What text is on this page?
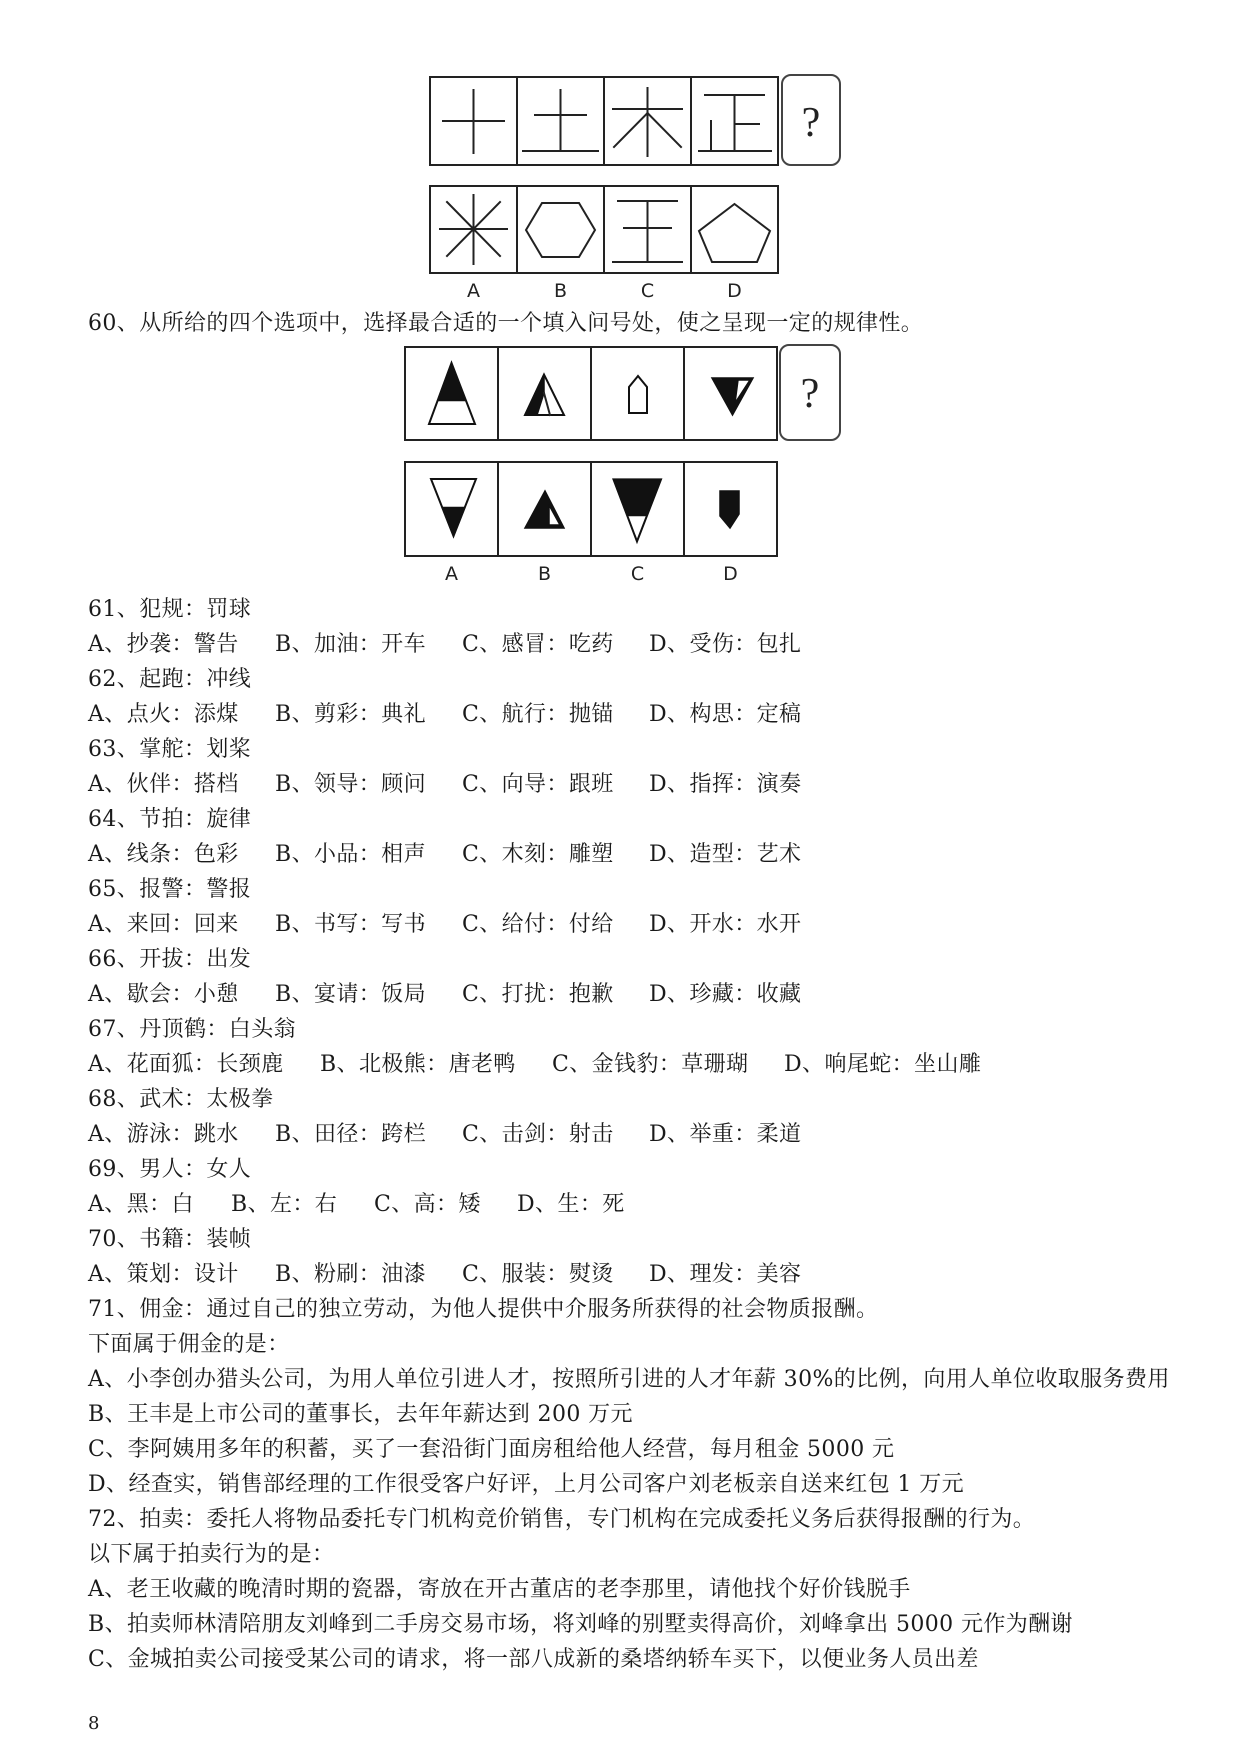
?
A	B	C	D
60、从所给的四个选项中，选择最合适的一个填入问号处，使之呈现一定的规律性。
?
A	B	C	D
61、犯规：罚球
A、抄袭：警告	B、加油：开车	C、感冒：吃药	D、受伤：包扎
62、起跑：冲线
A、点火：添煤	B、剪彩：典礼	C、航行：抛锚	D、构思：定稿
63、掌舵：划桨
A、伙伴：搭档	B、领导：顾问	C、向导：跟班	D、指挥：演奏
64、节拍：旋律
A、线条：色彩	B、小品：相声	C、木刻：雕塑	D、造型：艺术
65、报警：警报
A、来回：回来	B、书写：写书	C、给付：付给	D、开水：水开
66、开拔：出发
A、歇会：小憩	B、宴请：饭局	C、打扰：抱歉	D、珍藏：收藏
67、丹顶鹤：白头翁
A、花面狐：长颈鹿	B、北极熊：唐老鸭	C、金钱豹：草珊瑚	D、响尾蛇：坐山雕
68、武术：太极拳
A、游泳：跳水	B、田径：跨栏	C、击剑：射击	D、举重：柔道
69、男人：女人
A、黑：白	B、左：右	C、高：矮	D、生：死
70、书籍：装帧
A、策划：设计	B、粉刷：油漆	C、服装：熨烫	D、理发：美容
71、佣金：通过自己的独立劳动，为他人提供中介服务所获得的社会物质报酬。
下面属于佣金的是：
A、小李创办猎头公司，为用人单位引进人才，按照所引进的人才年薪 30%的比例，向用人单位收取服务费用
B、王丰是上市公司的董事长，去年年薪达到 200 万元
C、李阿姨用多年的积蓄，买了一套沿街门面房租给他人经营，每月租金 5000 元
D、经查实，销售部经理的工作很受客户好评，上月公司客户刘老板亲自送来红包 1 万元
72、拍卖：委托人将物品委托专门机构竞价销售，专门机构在完成委托义务后获得报酬的行为。
以下属于拍卖行为的是：
A、老王收藏的晚清时期的瓷器，寄放在开古董店的老李那里，请他找个好价钱脱手
B、拍卖师林清陪朋友刘峰到二手房交易市场，将刘峰的别墅卖得高价，刘峰拿出 5000 元作为酬谢
C、金城拍卖公司接受某公司的请求，将一部八成新的桑塔纳轿车买下，以便业务人员出差
8
